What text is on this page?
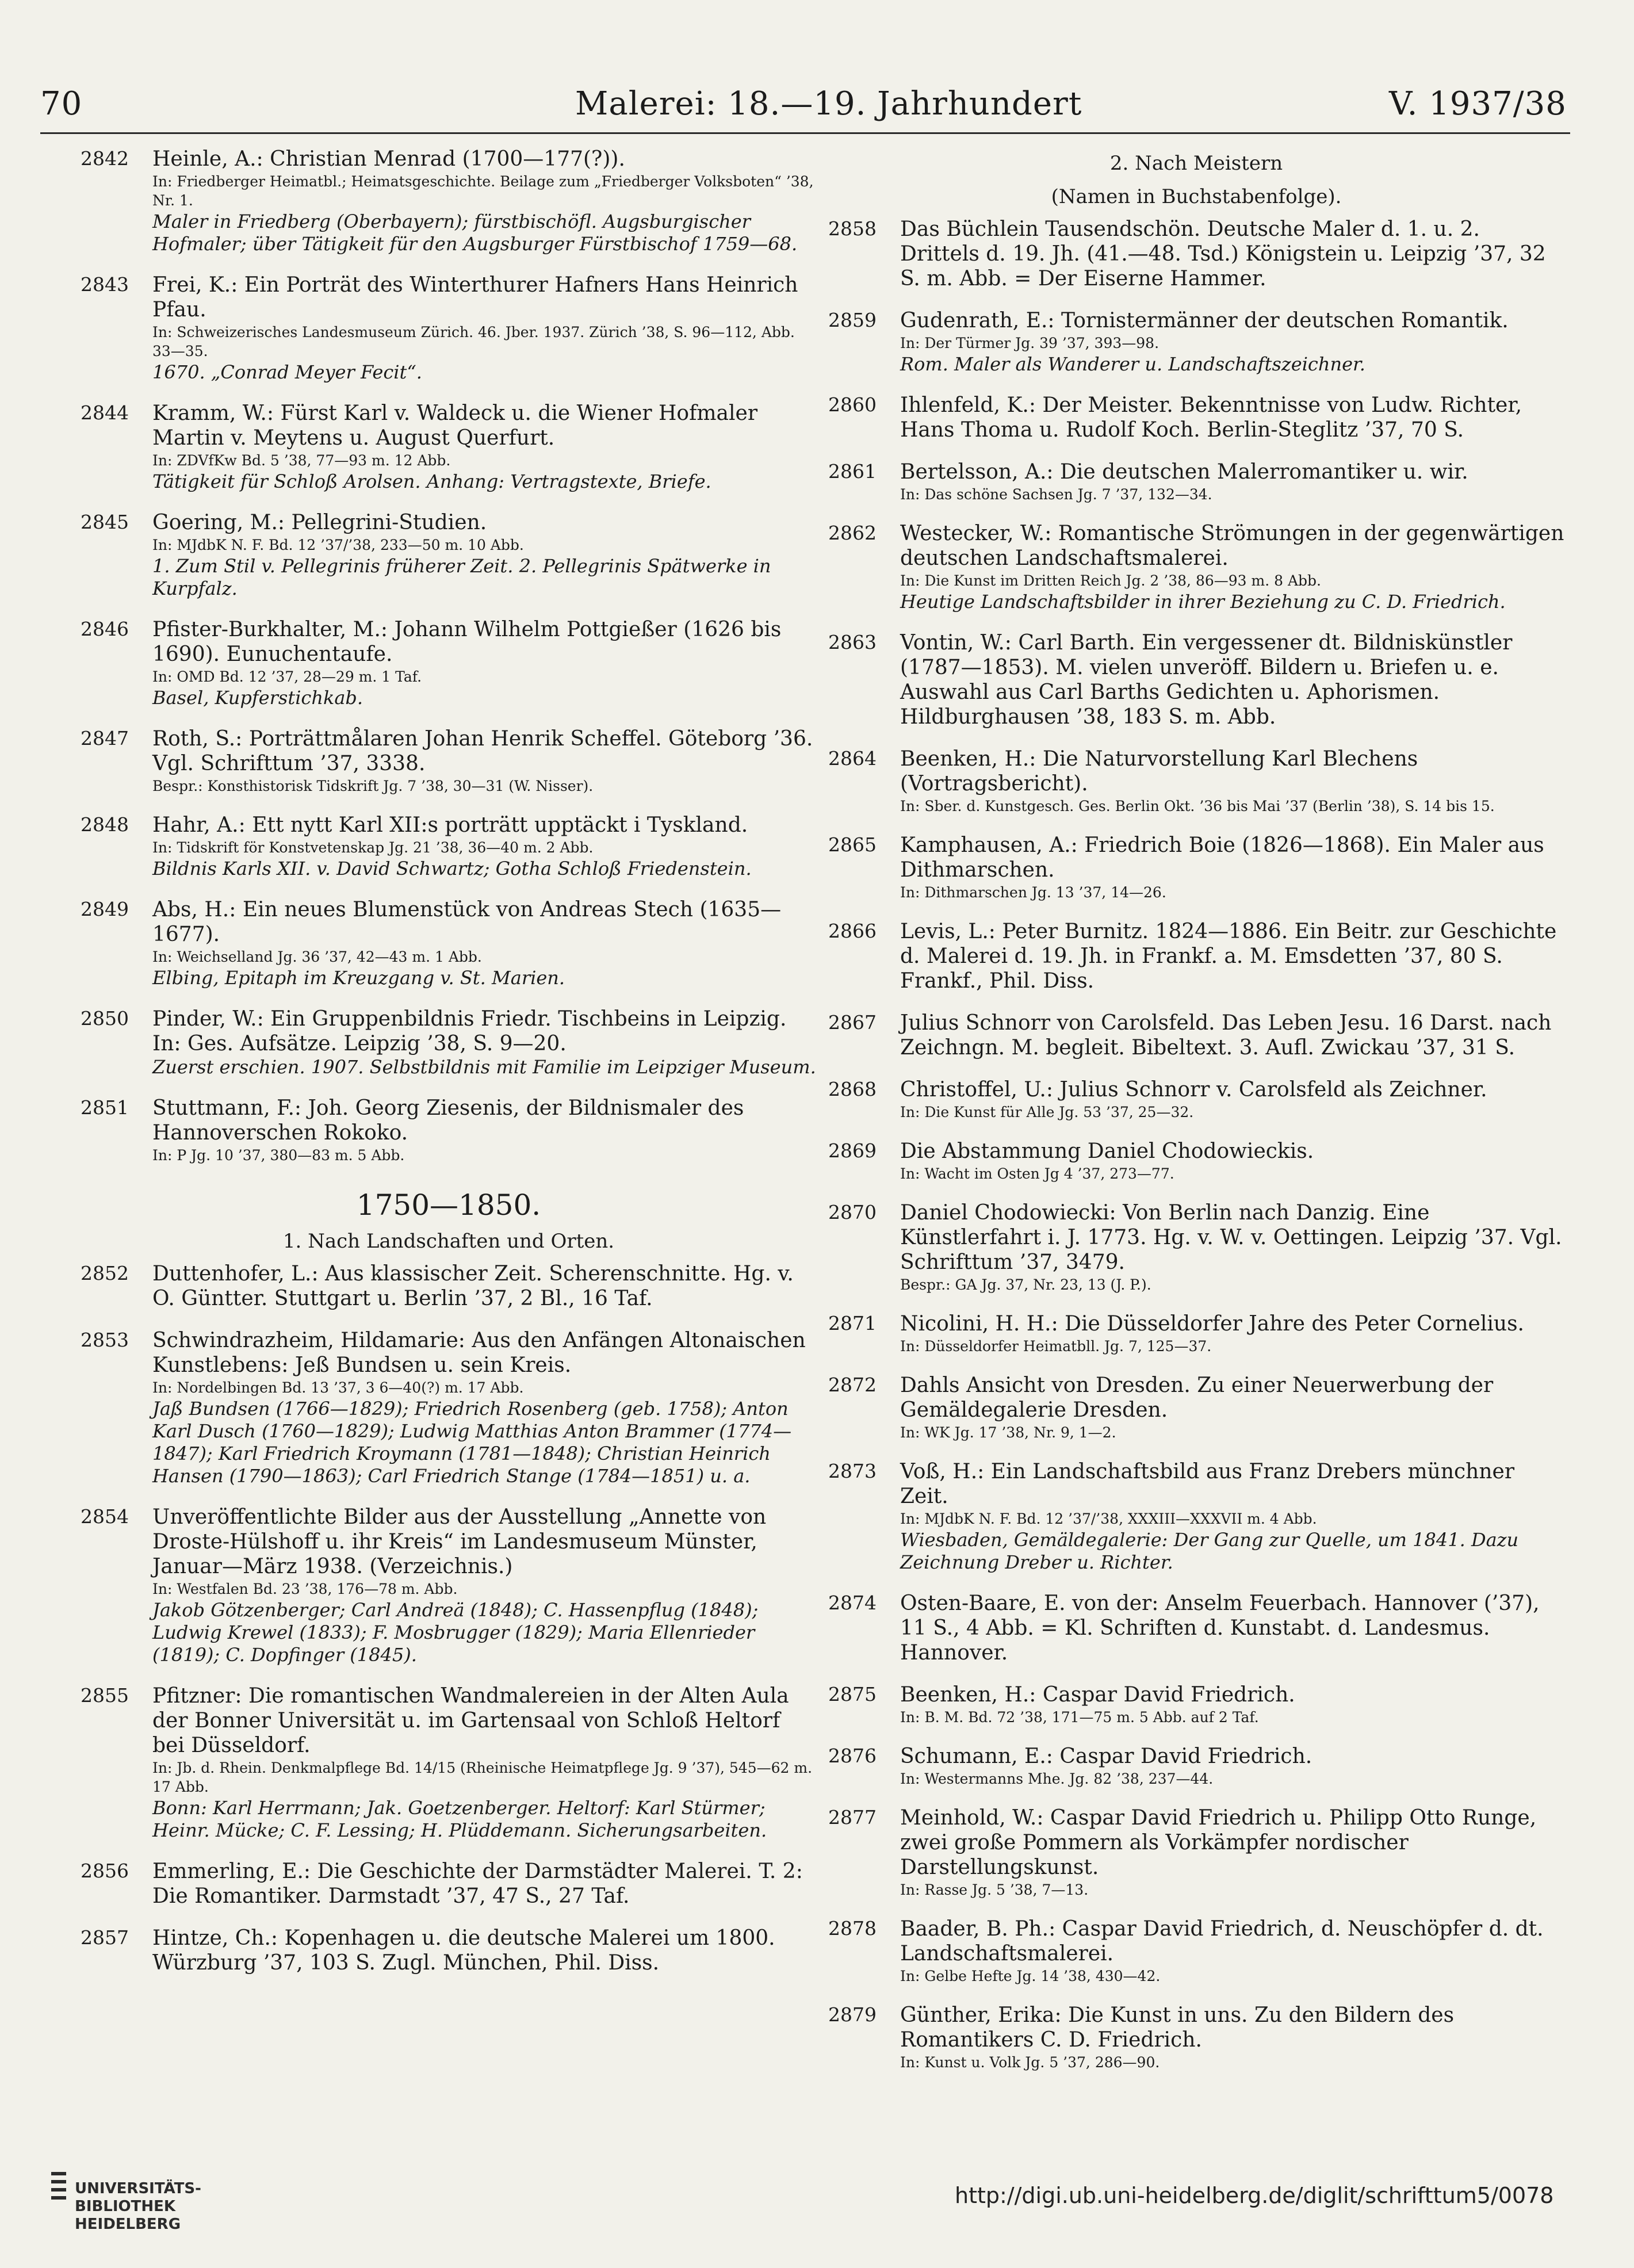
70	Malerei: 18.—19. Jahrhundert	V. 1937/38
2842 Heinle, A.: Christian Menrad (1700—177(?)).

In: Friedberger Heimatbl.; Heimatsgeschichte. Beilage zum „Friedberger Volksboten“ ’38, Nr. 1.

Maler in Friedberg (Oberbayern); fürstbischöfl. Augsburgischer Hofmaler; über Tätigkeit für den Augsburger Fürstbischof 1759—68.

2843 Frei, K.: Ein Porträt des Winterthurer Hafners Hans Heinrich Pfau.

In: Schweizerisches Landesmuseum Zürich. 46. Jber. 1937. Zürich ’38, S. 96—112, Abb. 33—35.

1670. „Conrad Meyer Fecit“.

2844 Kramm, W.: Fürst Karl v. Waldeck u. die Wiener Hofmaler Martin v. Meytens u. August Querfurt.

In: ZDVfKw Bd. 5 ’38, 77—93 m. 12 Abb.

Tätigkeit für Schloß Arolsen. Anhang: Vertragstexte, Briefe.

2845 Goering, M.: Pellegrini-Studien.

In: MJdbK N. F. Bd. 12 ’37/’38, 233—50 m. 10 Abb.

1. Zum Stil v. Pellegrinis früherer Zeit. 2. Pellegrinis Spätwerke in Kurpfalz.

2846 Pfister-Burkhalter, M.: Johann Wilhelm Pottgießer (1626 bis 1690). Eunuchentaufe.

In: OMD Bd. 12 ’37, 28—29 m. 1 Taf.

Basel, Kupferstichkab.

2847 Roth, S.: Porträttmålaren Johan Henrik Scheffel. Göteborg ’36. Vgl. Schrifttum ’37, 3338.

Bespr.: Konsthistorisk Tidskrift Jg. 7 ’38, 30—31 (W. Nisser).

2848 Hahr, A.: Ett nytt Karl XII:s porträtt upptäckt i Tyskland.

In: Tidskrift för Konstvetenskap Jg. 21 ’38, 36—40 m. 2 Abb.

Bildnis Karls XII. v. David Schwartz; Gotha Schloß Friedenstein.

2849 Abs, H.: Ein neues Blumenstück von Andreas Stech (1635—1677).

In: Weichselland Jg. 36 ’37, 42—43 m. 1 Abb.

Elbing, Epitaph im Kreuzgang v. St. Marien.

2850 Pinder, W.: Ein Gruppenbildnis Friedr. Tischbeins in Leipzig. In: Ges. Aufsätze. Leipzig ’38, S. 9—20.

Zuerst erschien. 1907. Selbstbildnis mit Familie im Leipziger Museum.

2851 Stuttmann, F.: Joh. Georg Ziesenis, der Bildnismaler des Hannoverschen Rokoko.

In: P Jg. 10 ’37, 380—83 m. 5 Abb.

1750—1850.
1. Nach Landschaften und Orten.
2852 Duttenhofer, L.: Aus klassischer Zeit. Scherenschnitte. Hg. v. O. Güntter. Stuttgart u. Berlin ’37, 2 Bl., 16 Taf.

2853 Schwindrazheim, Hildamarie: Aus den Anfängen Altonaischen Kunstlebens: Jeß Bundsen u. sein Kreis.

In: Nordelbingen Bd. 13 ’37, 3 6—40(?) m. 17 Abb.

Jaß Bundsen (1766—1829); Friedrich Rosenberg (geb. 1758); Anton Karl Dusch (1760—1829); Ludwig Matthias Anton Brammer (1774—1847); Karl Friedrich Kroymann (1781—1848); Christian Heinrich Hansen (1790—1863); Carl Friedrich Stange (1784—1851) u. a.

2854 Unveröffentlichte Bilder aus der Ausstellung „Annette von Droste-Hülshoff u. ihr Kreis“ im Landesmuseum Münster, Januar—März 1938. (Verzeichnis.)

In: Westfalen Bd. 23 ’38, 176—78 m. Abb.

Jakob Götzenberger; Carl Andreä (1848); C. Hassenpflug (1848); Ludwig Krewel (1833); F. Mosbrugger (1829); Maria Ellenrieder (1819); C. Dopfinger (1845).

2855 Pfitzner: Die romantischen Wandmalereien in der Alten Aula der Bonner Universität u. im Gartensaal von Schloß Heltorf bei Düsseldorf.

In: Jb. d. Rhein. Denkmalpflege Bd. 14/15 (Rheinische Heimatpflege Jg. 9 ’37), 545—62 m. 17 Abb.

Bonn: Karl Herrmann; Jak. Goetzenberger. Heltorf: Karl Stürmer; Heinr. Mücke; C. F. Lessing; H. Plüddemann. Sicherungsarbeiten.

2856 Emmerling, E.: Die Geschichte der Darmstädter Malerei. T. 2: Die Romantiker. Darmstadt ’37, 47 S., 27 Taf.

2857 Hintze, Ch.: Kopenhagen u. die deutsche Malerei um 1800. Würzburg ’37, 103 S. Zugl. München, Phil. Diss.

2. Nach Meistern
(Namen in Buchstabenfolge).
2858 Das Büchlein Tausendschön. Deutsche Maler d. 1. u. 2. Drittels d. 19. Jh. (41.—48. Tsd.) Königstein u. Leipzig ’37, 32 S. m. Abb. = Der Eiserne Hammer.

2859 Gudenrath, E.: Tornistermänner der deutschen Romantik.

In: Der Türmer Jg. 39 ’37, 393—98.

Rom. Maler als Wanderer u. Landschaftszeichner.

2860 Ihlenfeld, K.: Der Meister. Bekenntnisse von Ludw. Richter, Hans Thoma u. Rudolf Koch. Berlin-Steglitz ’37, 70 S.

2861 Bertelsson, A.: Die deutschen Malerromantiker u. wir.

In: Das schöne Sachsen Jg. 7 ’37, 132—34.

2862 Westecker, W.: Romantische Strömungen in der gegenwärtigen deutschen Landschaftsmalerei.

In: Die Kunst im Dritten Reich Jg. 2 ’38, 86—93 m. 8 Abb.

Heutige Landschaftsbilder in ihrer Beziehung zu C. D. Friedrich.

2863 Vontin, W.: Carl Barth. Ein vergessener dt. Bildniskünstler (1787—1853). M. vielen unveröff. Bildern u. Briefen u. e. Auswahl aus Carl Barths Gedichten u. Aphorismen. Hildburghausen ’38, 183 S. m. Abb.

2864 Beenken, H.: Die Naturvorstellung Karl Blechens (Vortragsbericht).

In: Sber. d. Kunstgesch. Ges. Berlin Okt. ’36 bis Mai ’37 (Berlin ’38), S. 14 bis 15.

2865 Kamphausen, A.: Friedrich Boie (1826—1868). Ein Maler aus Dithmarschen.

In: Dithmarschen Jg. 13 ’37, 14—26.

2866 Levis, L.: Peter Burnitz. 1824—1886. Ein Beitr. zur Geschichte d. Malerei d. 19. Jh. in Frankf. a. M. Emsdetten ’37, 80 S. Frankf., Phil. Diss.

2867 Julius Schnorr von Carolsfeld. Das Leben Jesu. 16 Darst. nach Zeichngn. M. begleit. Bibeltext. 3. Aufl. Zwickau ’37, 31 S.

2868 Christoffel, U.: Julius Schnorr v. Carolsfeld als Zeichner.

In: Die Kunst für Alle Jg. 53 ’37, 25—32.

2869 Die Abstammung Daniel Chodowieckis.

In: Wacht im Osten Jg 4 ’37, 273—77.

2870 Daniel Chodowiecki: Von Berlin nach Danzig. Eine Künstlerfahrt i. J. 1773. Hg. v. W. v. Oettingen. Leipzig ’37. Vgl. Schrifttum ’37, 3479.

Bespr.: GA Jg. 37, Nr. 23, 13 (J. P.).

2871 Nicolini, H. H.: Die Düsseldorfer Jahre des Peter Cornelius.

In: Düsseldorfer Heimatbll. Jg. 7, 125—37.

2872 Dahls Ansicht von Dresden. Zu einer Neuerwerbung der Gemäldegalerie Dresden.

In: WK Jg. 17 ’38, Nr. 9, 1—2.

2873 Voß, H.: Ein Landschaftsbild aus Franz Drebers münchner Zeit.

In: MJdbK N. F. Bd. 12 ’37/’38, XXXIII—XXXVII m. 4 Abb.

Wiesbaden, Gemäldegalerie: Der Gang zur Quelle, um 1841. Dazu Zeichnung Dreber u. Richter.

2874 Osten-Baare, E. von der: Anselm Feuerbach. Hannover (’37), 11 S., 4 Abb. = Kl. Schriften d. Kunstabt. d. Landesmus. Hannover.

2875 Beenken, H.: Caspar David Friedrich.

In: B. M. Bd. 72 ’38, 171—75 m. 5 Abb. auf 2 Taf.

2876 Schumann, E.: Caspar David Friedrich.

In: Westermanns Mhe. Jg. 82 ’38, 237—44.

2877 Meinhold, W.: Caspar David Friedrich u. Philipp Otto Runge, zwei große Pommern als Vorkämpfer nordischer Darstellungskunst.

In: Rasse Jg. 5 ’38, 7—13.

2878 Baader, B. Ph.: Caspar David Friedrich, d. Neuschöpfer d. dt. Landschaftsmalerei.

In: Gelbe Hefte Jg. 14 ’38, 430—42.

2879 Günther, Erika: Die Kunst in uns. Zu den Bildern des Romantikers C. D. Friedrich.

In: Kunst u. Volk Jg. 5 ’37, 286—90.

UNIVERSITÄTS-
BIBLIOTHEK
HEIDELBERG
http://digi.ub.uni-heidelberg.de/diglit/schrifttum5/0078
